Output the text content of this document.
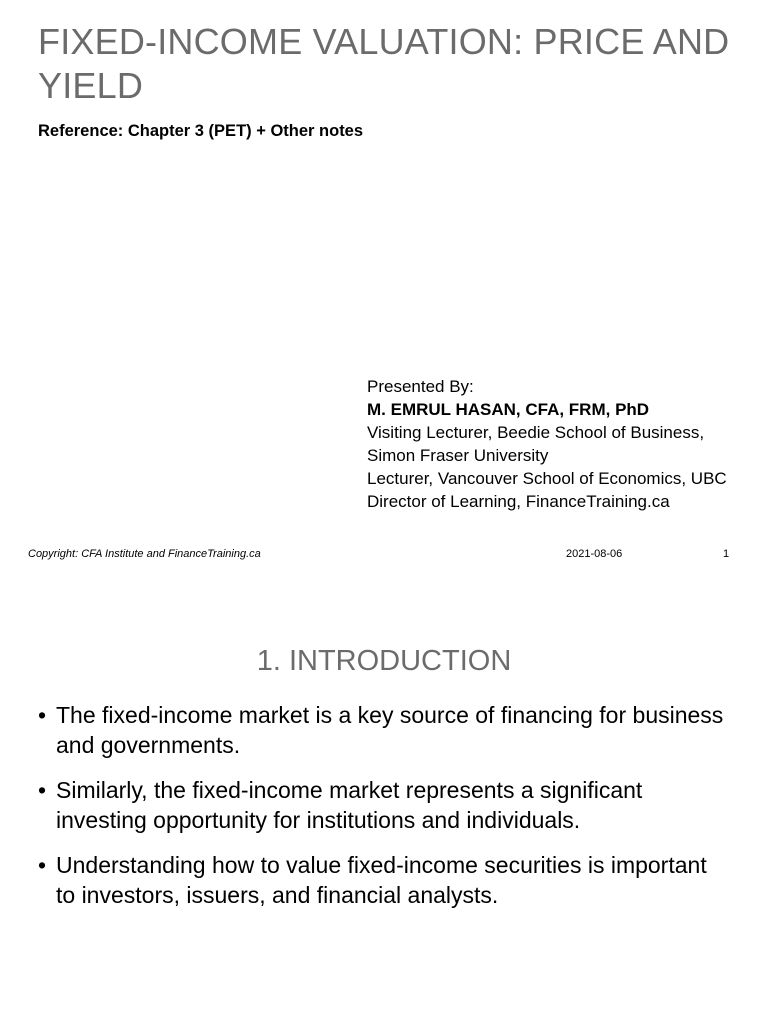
FIXED-INCOME VALUATION: PRICE AND YIELD
Reference: Chapter 3 (PET) + Other notes
Presented By:
M. EMRUL HASAN, CFA, FRM, PhD
Visiting Lecturer, Beedie School of Business, Simon Fraser University
Lecturer, Vancouver School of Economics, UBC
Director of Learning, FinanceTraining.ca
Copyright: CFA Institute and FinanceTraining.ca	2021-08-06	1
1. INTRODUCTION
• The fixed-income market is a key source of financing for business and governments.
• Similarly, the fixed-income market represents a significant investing opportunity for institutions and individuals.
• Understanding how to value fixed-income securities is important to investors, issuers, and financial analysts.
